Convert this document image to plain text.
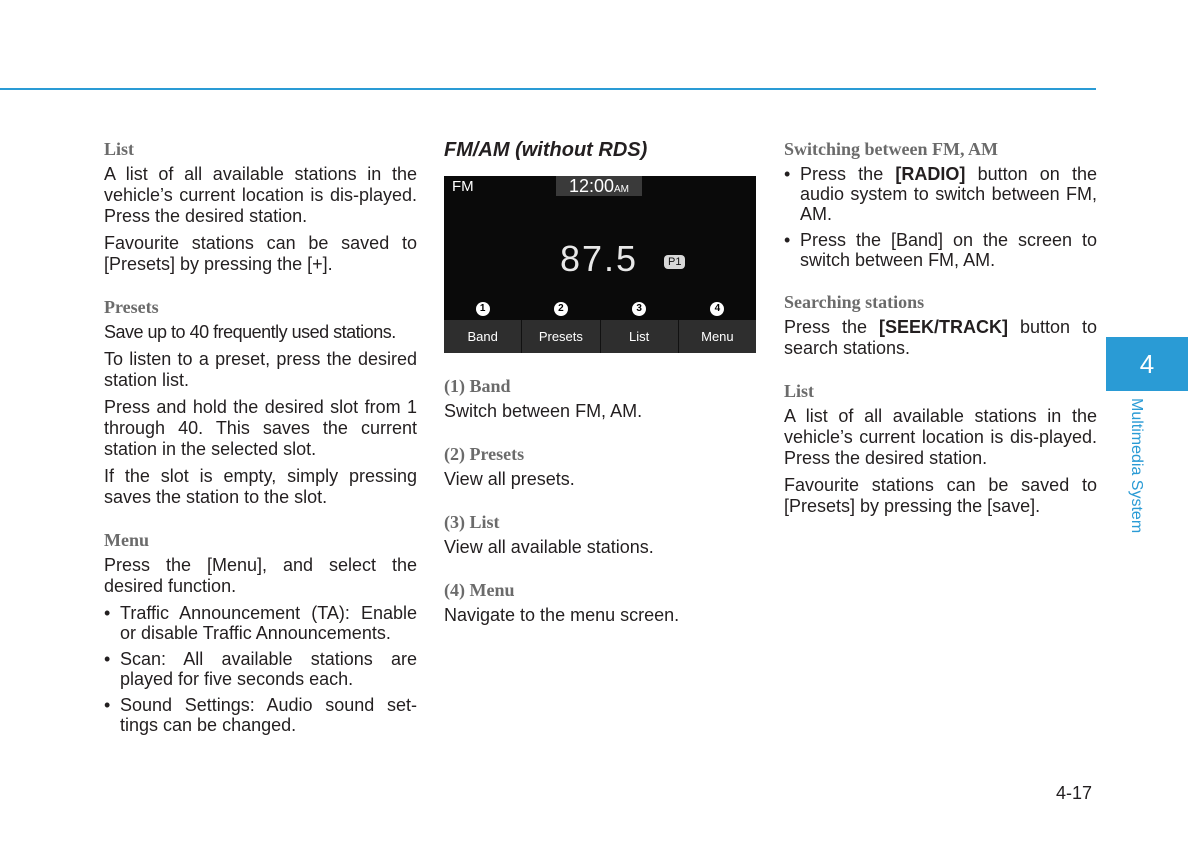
List

A list of all available stations in the vehicle’s current location is dis-played. Press the desired station.

Favourite stations can be saved to [Presets] by pressing the [+].

Presets

Save up to 40 frequently used stations.

To listen to a preset, press the desired station list.

Press and hold the desired slot from 1 through 40. This saves the current station in the selected slot.

If the slot is empty, simply pressing saves the station to the slot.

Menu

Press the [Menu], and select the desired function.

• Traffic Announcement (TA): Enable or disable Traffic Announcements.
• Scan: All available stations are played for five seconds each.
• Sound Settings: Audio sound set-tings can be changed.
FM/AM (without RDS)
FM	12:00AM
87.5	P1
1
Band
2
Presets
3
List
4
Menu
(1) Band

Switch between FM, AM.

(2) Presets

View all presets.

(3) List

View all available stations.

(4) Menu

Navigate to the menu screen.

Switching between FM, AM
• Press the [RADIO] button on the audio system to switch between FM, AM.
• Press the [Band] on the screen to switch between FM, AM.
Searching stations

Press the [SEEK/TRACK] button to search stations.

List

A list of all available stations in the vehicle’s current location is dis-played. Press the desired station.

Favourite stations can be saved to [Presets] by pressing the [save].

4
Multimedia System
4-17
